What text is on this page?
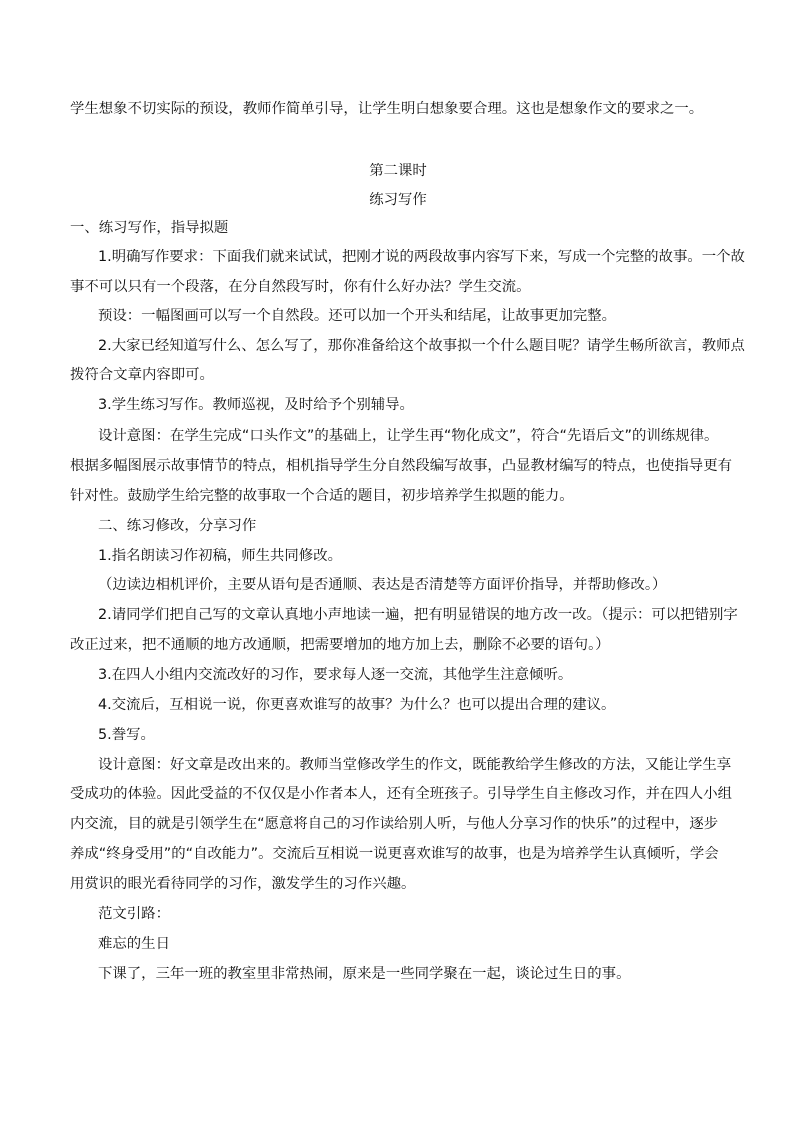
学生想象不切实际的预设，教师作简单引导，让学生明白想象要合理。这也是想象作文的要求之一。

第二课时

练习写作

一、练习写作，指导拟题

1.明确写作要求：下面我们就来试试，把刚才说的两段故事内容写下来，写成一个完整的故事。一个故

事不可以只有一个段落，在分自然段写时，你有什么好办法？学生交流。

预设：一幅图画可以写一个自然段。还可以加一个开头和结尾，让故事更加完整。

2.大家已经知道写什么、怎么写了，那你准备给这个故事拟一个什么题目呢？请学生畅所欲言，教师点

拨符合文章内容即可。

3.学生练习写作。教师巡视，及时给予个别辅导。

设计意图：在学生完成“口头作文”的基础上，让学生再“物化成文”，符合“先语后文”的训练规律。

根据多幅图展示故事情节的特点，相机指导学生分自然段编写故事，凸显教材编写的特点，也使指导更有

针对性。鼓励学生给完整的故事取一个合适的题目，初步培养学生拟题的能力。

二、练习修改，分享习作

1.指名朗读习作初稿，师生共同修改。

（边读边相机评价，主要从语句是否通顺、表达是否清楚等方面评价指导，并帮助修改。）

2.请同学们把自己写的文章认真地小声地读一遍，把有明显错误的地方改一改。（提示：可以把错别字

改正过来，把不通顺的地方改通顺，把需要增加的地方加上去，删除不必要的语句。）

3.在四人小组内交流改好的习作，要求每人逐一交流，其他学生注意倾听。

4.交流后，互相说一说，你更喜欢谁写的故事？为什么？也可以提出合理的建议。

5.誊写。

设计意图：好文章是改出来的。教师当堂修改学生的作文，既能教给学生修改的方法，又能让学生享

受成功的体验。因此受益的不仅仅是小作者本人，还有全班孩子。引导学生自主修改习作，并在四人小组

内交流，目的就是引领学生在“愿意将自己的习作读给别人听，与他人分享习作的快乐”的过程中，逐步

养成“终身受用”的“自改能力”。交流后互相说一说更喜欢谁写的故事，也是为培养学生认真倾听，学会

用赏识的眼光看待同学的习作，激发学生的习作兴趣。

范文引路：

难忘的生日

下课了，三年一班的教室里非常热闹，原来是一些同学聚在一起，谈论过生日的事。
